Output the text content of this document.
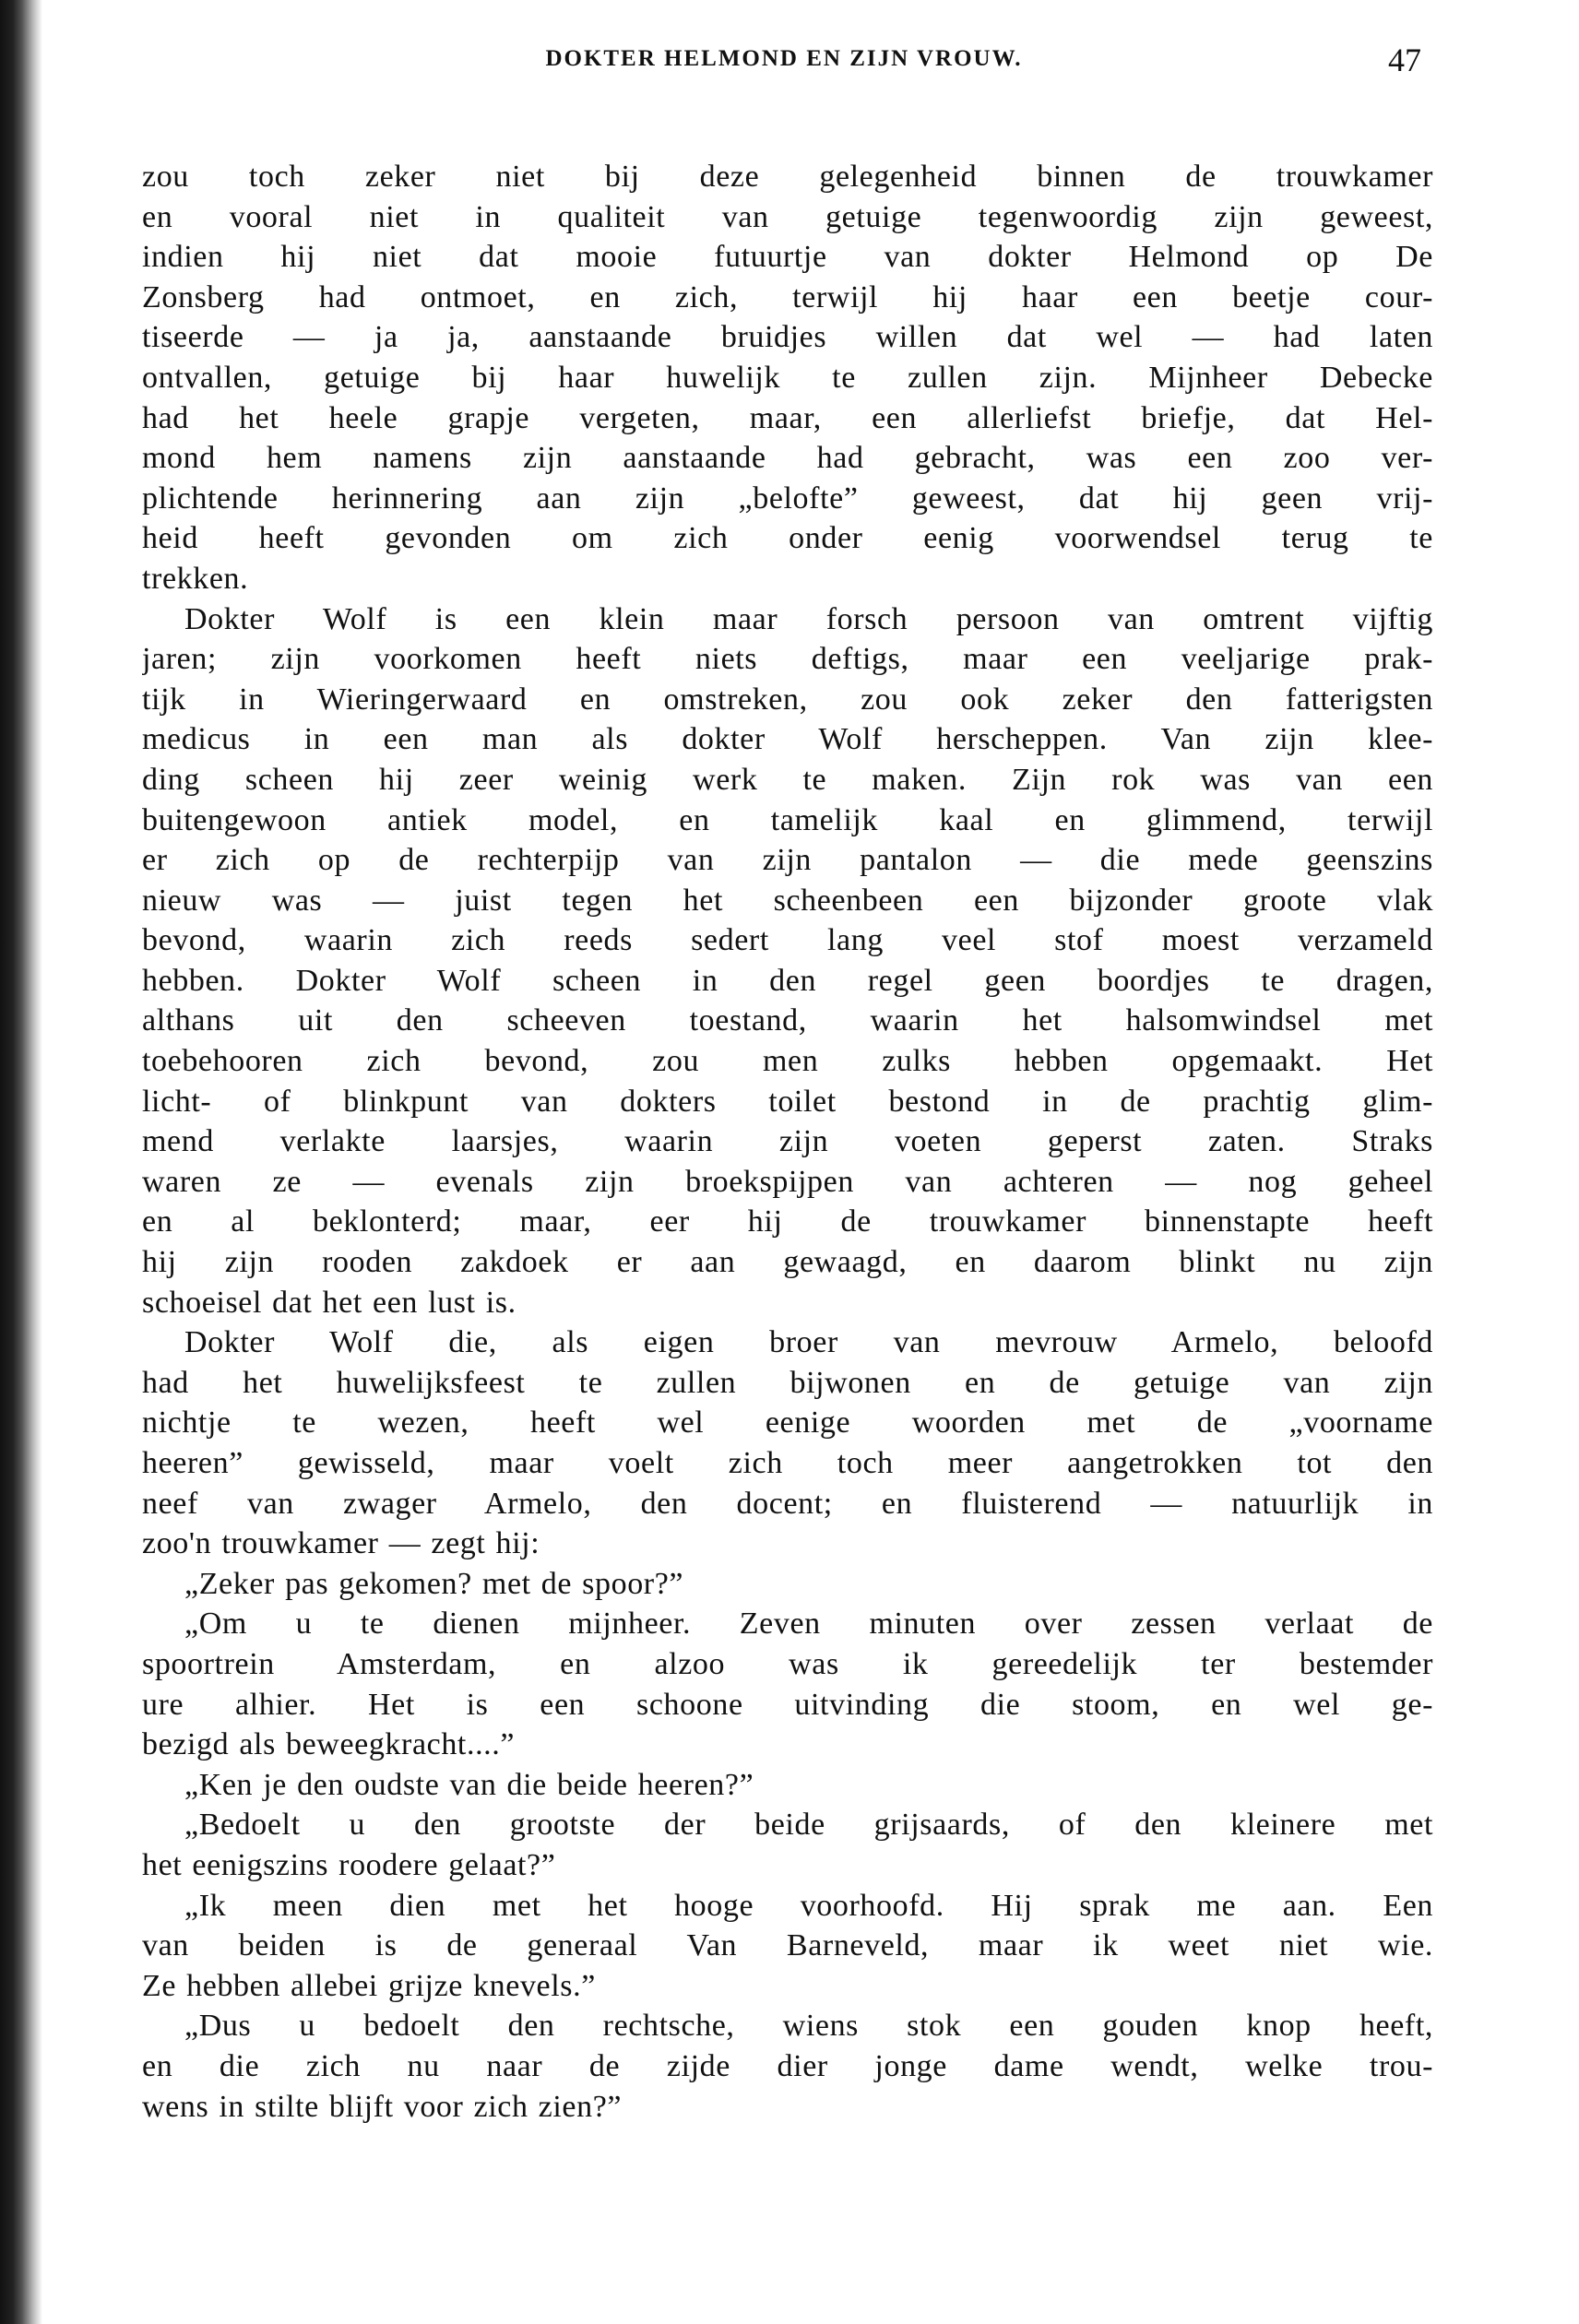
DOKTER HELMOND EN ZIJN VROUW.	47
zou toch zeker niet bij deze gelegenheid binnen de trouwkamer
en vooral niet in qualiteit van getuige tegenwoordig zijn geweest,
indien hij niet dat mooie futuurtje van dokter Helmond op De
Zonsberg had ontmoet, en zich, terwijl hij haar een beetje cour-
tiseerde — ja ja, aanstaande bruidjes willen dat wel — had laten
ontvallen, getuige bij haar huwelijk te zullen zijn. Mijnheer Debecke
had het heele grapje vergeten, maar, een allerliefst briefje, dat Hel-
mond hem namens zijn aanstaande had gebracht, was een zoo ver-
plichtende herinnering aan zijn „belofte” geweest, dat hij geen vrij-
heid heeft gevonden om zich onder eenig voorwendsel terug te
trekken.
Dokter Wolf is een klein maar forsch persoon van omtrent vijftig
jaren; zijn voorkomen heeft niets deftigs, maar een veeljarige prak-
tijk in Wieringerwaard en omstreken, zou ook zeker den fatterigsten
medicus in een man als dokter Wolf herscheppen. Van zijn klee-
ding scheen hij zeer weinig werk te maken. Zijn rok was van een
buitengewoon antiek model, en tamelijk kaal en glimmend, terwijl
er zich op de rechterpijp van zijn pantalon — die mede geenszins
nieuw was — juist tegen het scheenbeen een bijzonder groote vlak
bevond, waarin zich reeds sedert lang veel stof moest verzameld
hebben. Dokter Wolf scheen in den regel geen boordjes te dragen,
althans uit den scheeven toestand, waarin het halsomwindsel met
toebehooren zich bevond, zou men zulks hebben opgemaakt. Het
licht- of blinkpunt van dokters toilet bestond in de prachtig glim-
mend verlakte laarsjes, waarin zijn voeten geperst zaten. Straks
waren ze — evenals zijn broekspijpen van achteren — nog geheel
en al beklonterd; maar, eer hij de trouwkamer binnenstapte heeft
hij zijn rooden zakdoek er aan gewaagd, en daarom blinkt nu zijn
schoeisel dat het een lust is.
Dokter Wolf die, als eigen broer van mevrouw Armelo, beloofd
had het huwelijksfeest te zullen bijwonen en de getuige van zijn
nichtje te wezen, heeft wel eenige woorden met de „voorname
heeren” gewisseld, maar voelt zich toch meer aangetrokken tot den
neef van zwager Armelo, den docent; en fluisterend — natuurlijk in
zoo'n trouwkamer — zegt hij:
„Zeker pas gekomen? met de spoor?”
„Om u te dienen mijnheer. Zeven minuten over zessen verlaat de
spoortrein Amsterdam, en alzoo was ik gereedelijk ter bestemder
ure alhier. Het is een schoone uitvinding die stoom, en wel ge-
bezigd als beweegkracht....”
„Ken je den oudste van die beide heeren?”
„Bedoelt u den grootste der beide grijsaards, of den kleinere met
het eenigszins roodere gelaat?”
„Ik meen dien met het hooge voorhoofd. Hij sprak me aan. Een
van beiden is de generaal Van Barneveld, maar ik weet niet wie.
Ze hebben allebei grijze knevels.”
„Dus u bedoelt den rechtsche, wiens stok een gouden knop heeft,
en die zich nu naar de zijde dier jonge dame wendt, welke trou-
wens in stilte blijft voor zich zien?”
